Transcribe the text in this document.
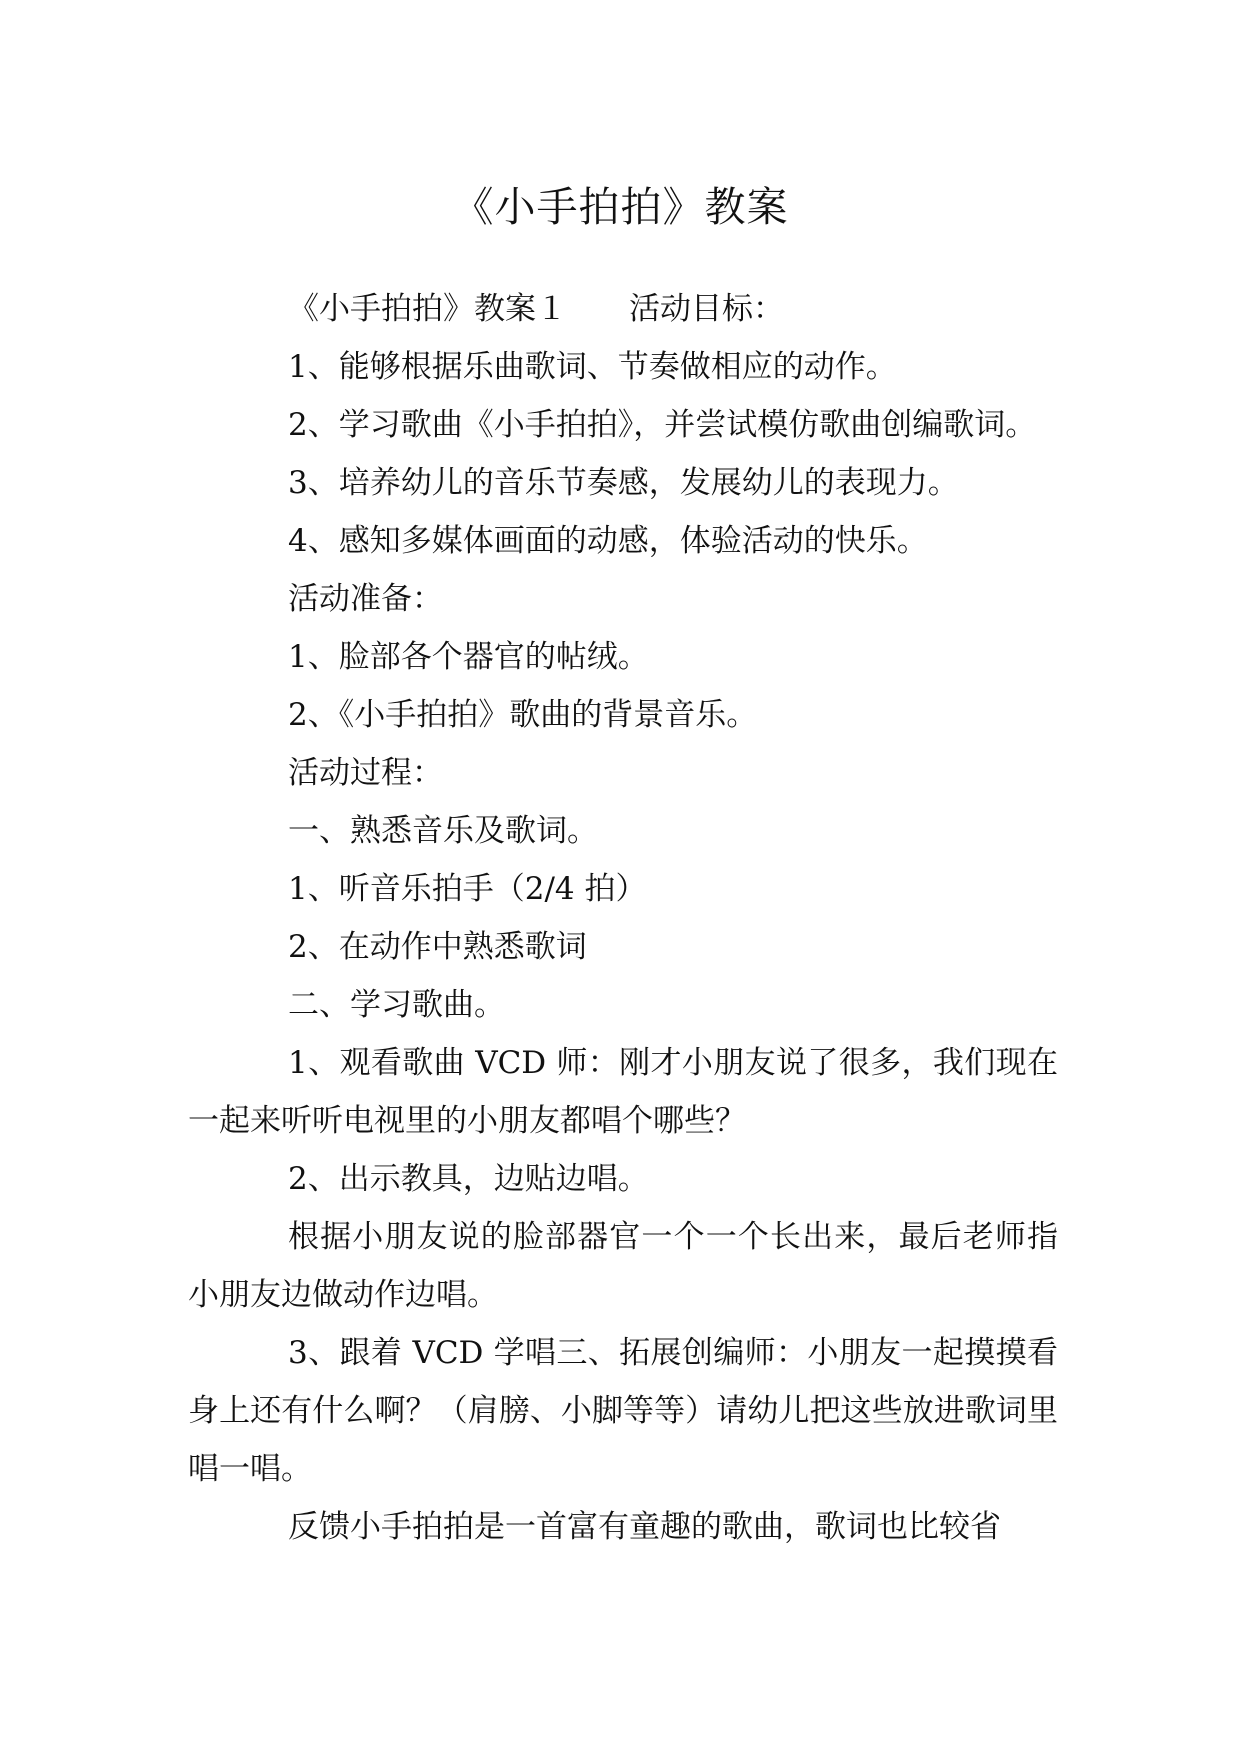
《小手拍拍》教案

《小手拍拍》教案１　　活动目标：

1、能够根据乐曲歌词、节奏做相应的动作。

2、学习歌曲《小手拍拍》，并尝试模仿歌曲创编歌词。

3、培养幼儿的音乐节奏感，发展幼儿的表现力。

4、感知多媒体画面的动感，体验活动的快乐。

活动准备：

1、脸部各个器官的帖绒。

2、《小手拍拍》歌曲的背景音乐。

活动过程：

一、熟悉音乐及歌词。

1、听音乐拍手（2/4 拍）

2、在动作中熟悉歌词

二、学习歌曲。

1、观看歌曲 VCD 师：刚才小朋友说了很多，我们现在一起来听听电视里的小朋友都唱个哪些？

2、出示教具，边贴边唱。

根据小朋友说的脸部器官一个一个长出来，最后老师指小朋友边做动作边唱。

3、跟着 VCD 学唱三、拓展创编师：小朋友一起摸摸看身上还有什么啊？（肩膀、小脚等等）请幼儿把这些放进歌词里唱一唱。

反馈小手拍拍是一首富有童趣的歌曲，歌词也比较省
